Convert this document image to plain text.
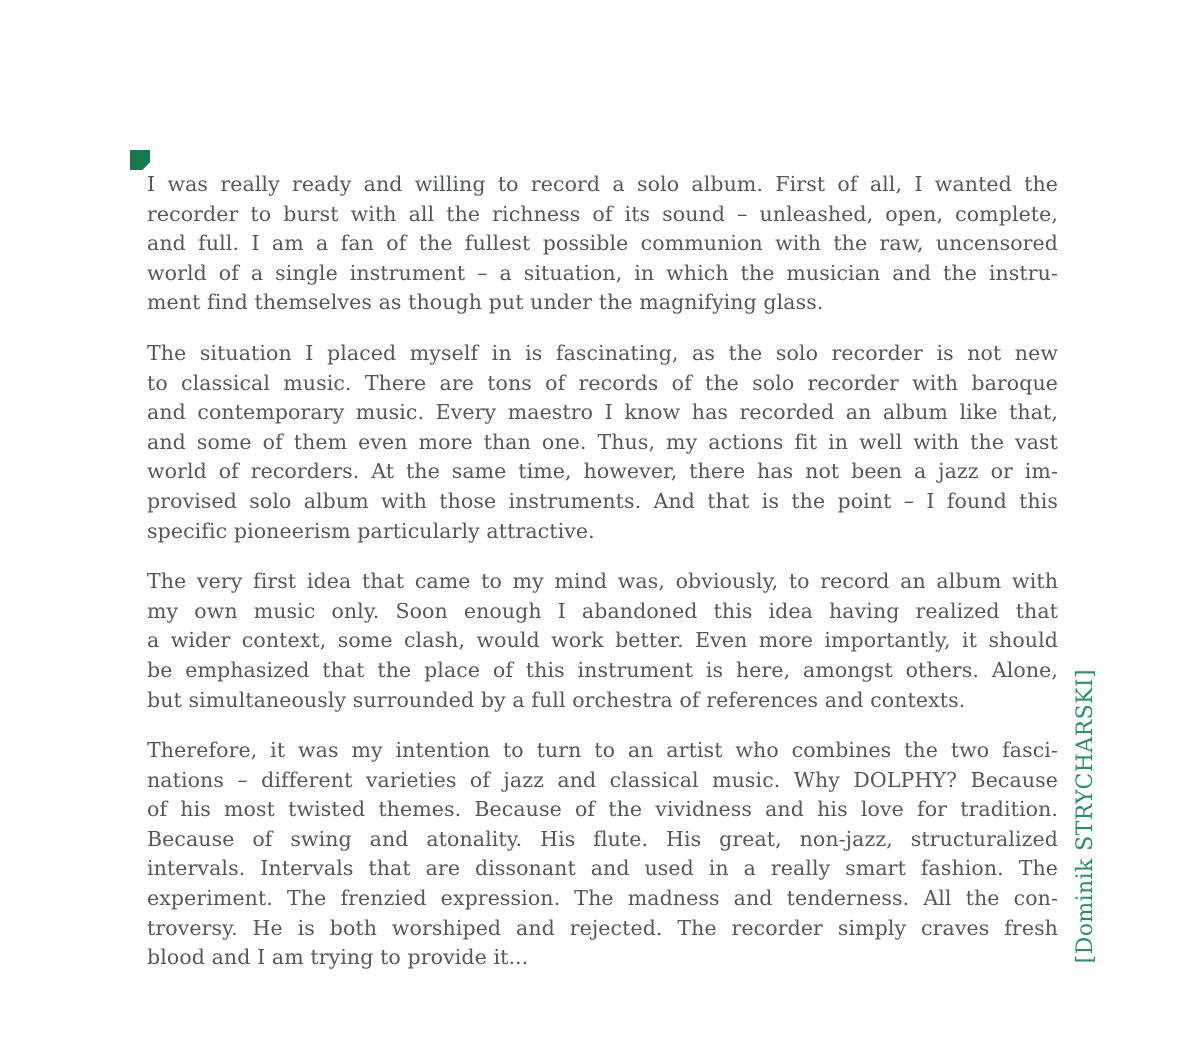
I was really ready and willing to record a solo album. First of all, I wanted the
recorder to burst with all the richness of its sound – unleashed, open, complete,
and full. I am a fan of the fullest possible communion with the raw, uncensored
world of a single instrument – a situation, in which the musician and the instru-
ment find themselves as though put under the magnifying glass.
The situation I placed myself in is fascinating, as the solo recorder is not new
to classical music. There are tons of records of the solo recorder with baroque
and contemporary music. Every maestro I know has recorded an album like that,
and some of them even more than one. Thus, my actions fit in well with the vast
world of recorders. At the same time, however, there has not been a jazz or im-
provised solo album with those instruments. And that is the point – I found this
specific pioneerism particularly attractive.
The very first idea that came to my mind was, obviously, to record an album with
my own music only. Soon enough I abandoned this idea having realized that
a wider context, some clash, would work better. Even more importantly, it should
be emphasized that the place of this instrument is here, amongst others. Alone,
but simultaneously surrounded by a full orchestra of references and contexts.
Therefore, it was my intention to turn to an artist who combines the two fasci-
nations – different varieties of jazz and classical music. Why DOLPHY? Because
of his most twisted themes. Because of the vividness and his love for tradition.
Because of swing and atonality. His flute. His great, non-jazz, structuralized
intervals. Intervals that are dissonant and used in a really smart fashion. The
experiment. The frenzied expression. The madness and tenderness. All the con-
troversy. He is both worshiped and rejected. The recorder simply craves fresh
blood and I am trying to provide it...	[Dominik STRYCHARSKI]
